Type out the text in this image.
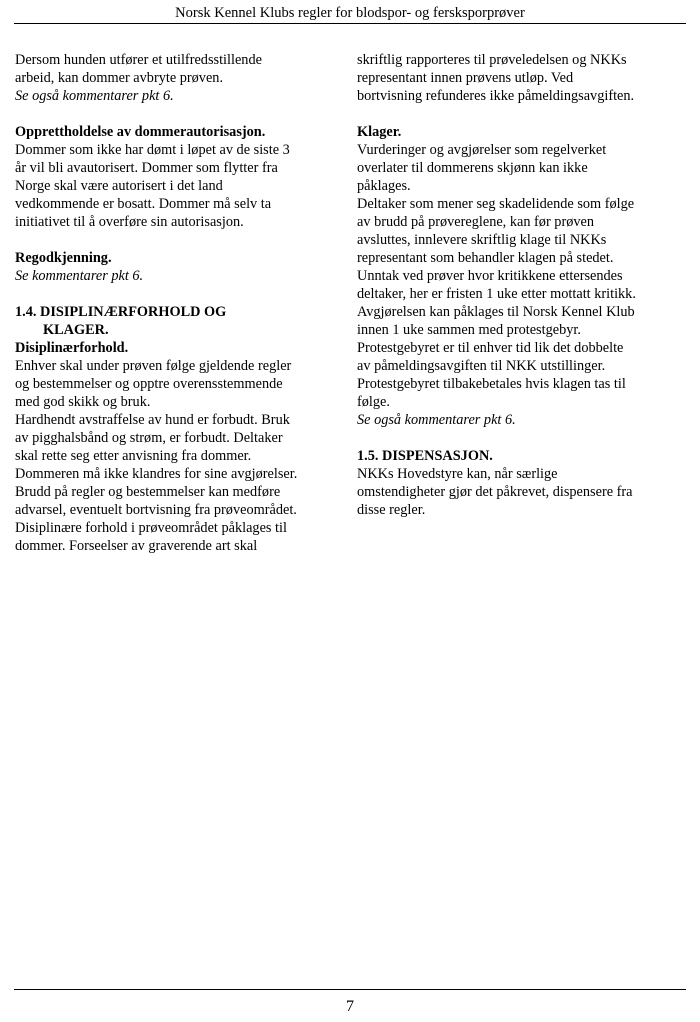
Norsk Kennel Klubs regler for blodspor- og fersksporprøver
Dersom hunden utfører et utilfredsstillende
arbeid, kan dommer avbryte prøven.
Se også kommentarer pkt 6.
Opprettholdelse av dommerautorisasjon.
Dommer som ikke har dømt i løpet av de siste 3
år vil bli avautorisert. Dommer som flytter fra
Norge skal være autorisert i det land
vedkommende er bosatt. Dommer må selv ta
initiativet til å overføre sin autorisasjon.
Regodkjenning.
Se kommentarer pkt 6.
1.4. DISIPLINÆRFORHOLD OG
KLAGER.
Disiplinærforhold.
Enhver skal under prøven følge gjeldende regler
og bestemmelser og opptre overensstemmende
med god skikk og bruk.
Hardhendt avstraffelse av hund er forbudt. Bruk
av pigghalsbånd og strøm, er forbudt. Deltaker
skal rette seg etter anvisning fra dommer.
Dommeren må ikke klandres for sine avgjørelser.
Brudd på regler og bestemmelser kan medføre
advarsel, eventuelt bortvisning fra prøveområdet.
Disiplinære forhold i prøveområdet påklages til
dommer. Forseelser av graverende art skal
skriftlig rapporteres til prøveledelsen og NKKs
representant innen prøvens utløp. Ved
bortvisning refunderes ikke påmeldingsavgiften.
Klager.
Vurderinger og avgjørelser som regelverket
overlater til dommerens skjønn kan ikke
påklages.
Deltaker som mener seg skadelidende som følge
av brudd på prøvereglene, kan før prøven
avsluttes, innlevere skriftlig klage til NKKs
representant som behandler klagen på stedet.
Unntak ved prøver hvor kritikkene ettersendes
deltaker, her er fristen 1 uke etter mottatt kritikk.
Avgjørelsen kan påklages til Norsk Kennel Klub
innen 1 uke sammen med protestgebyr.
Protestgebyret er til enhver tid lik det dobbelte
av påmeldingsavgiften til NKK utstillinger.
Protestgebyret tilbakebetales hvis klagen tas til
følge.
Se også kommentarer pkt 6.
1.5. DISPENSASJON.
NKKs Hovedstyre kan, når særlige
omstendigheter gjør det påkrevet, dispensere fra
disse regler.
7
